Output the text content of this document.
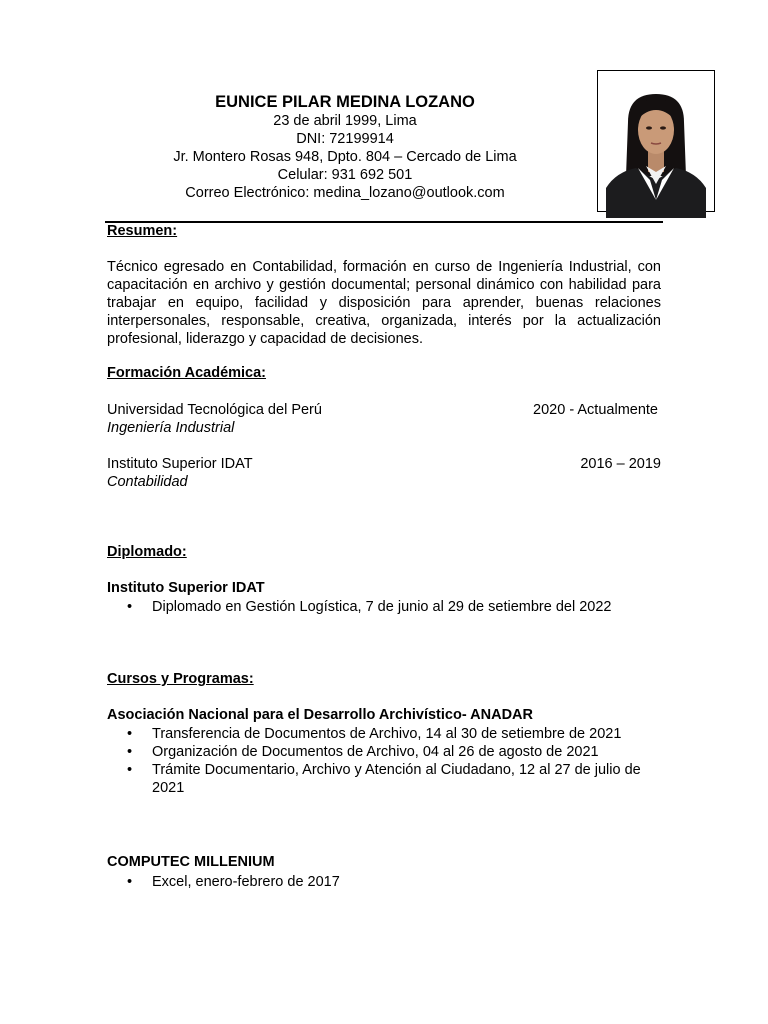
EUNICE PILAR MEDINA LOZANO
23 de abril 1999, Lima
DNI: 72199914
Jr. Montero Rosas 948, Dpto. 804 – Cercado de Lima
Celular: 931 692 501
Correo Electrónico: medina_lozano@outlook.com
Resumen:
Técnico egresado en Contabilidad, formación en curso de Ingeniería Industrial, con capacitación en archivo y gestión documental; personal dinámico con habilidad para trabajar en equipo, facilidad y disposición para aprender, buenas relaciones interpersonales, responsable, creativa, organizada, interés por la actualización profesional, liderazgo y capacidad de decisiones.
Formación Académica:
Universidad Tecnológica del Perú	2020 - Actualmente
Ingeniería Industrial
Instituto Superior IDAT	2016 – 2019
Contabilidad
Diplomado:
Instituto Superior IDAT
• Diplomado en Gestión Logística, 7 de junio al 29 de setiembre del 2022
Cursos y Programas:
Asociación Nacional para el Desarrollo Archivístico- ANADAR
• Transferencia de Documentos de Archivo, 14 al 30 de setiembre de 2021
• Organización de Documentos de Archivo, 04 al 26 de agosto de 2021
• Trámite Documentario, Archivo y Atención al Ciudadano, 12 al 27 de julio de 2021
COMPUTEC MILLENIUM
• Excel, enero-febrero de 2017
